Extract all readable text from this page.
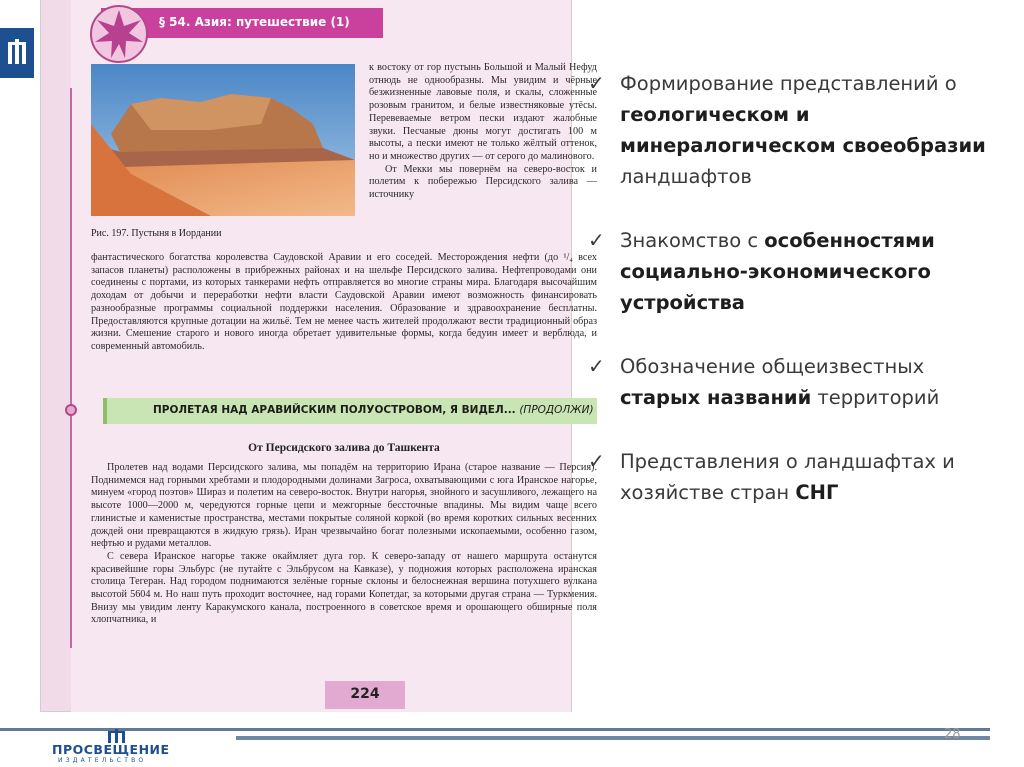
§ 54. Азия: путешествие (1)
Рис. 197. Пустыня в Иордании

к востоку от гор пустынь Большой и Малый Нефуд отнюдь не однообразны. Мы увидим и чёрные безжизненные лавовые поля, и скалы, сложенные розовым гранитом, и белые известняковые утёсы. Перевеваемые ветром пески издают жалобные звуки. Песчаные дюны могут достигать 100 м высоты, а пески имеют не только жёлтый оттенок, но и множество других — от серого до малинового.

От Мекки мы повернём на северо-восток и полетим к побережью Персидского залива — источнику

фантастического богатства королевства Саудовской Аравии и его соседей. Месторождения нефти (до ¹/₄ всех запасов планеты) расположены в прибрежных районах и на шельфе Персидского залива. Нефтепроводами они соединены с портами, из которых танкерами нефть отправляется во многие страны мира. Благодаря высочайшим доходам от добычи и переработки нефти власти Саудовской Аравии имеют возможность финансировать разнообразные программы социальной поддержки населения. Образование и здравоохранение бесплатны. Предоставляются крупные дотации на жильё. Тем не менее часть жителей продолжают вести традиционный образ жизни. Смешение старого и нового иногда обретает удивительные формы, когда бедуин имеет и верблюда, и современный автомобиль.

ПРОЛЕТАЯ НАД АРАВИЙСКИМ ПОЛУОСТРОВОМ, Я ВИДЕЛ... (ПРОДОЛЖИ)
От Персидского залива до Ташкента

Пролетев над водами Персидского залива, мы попадём на территорию Ирана (старое название — Персия). Поднимемся над горными хребтами и плодородными долинами Загроса, охватывающими с юга Иранское нагорье, минуем «город поэтов» Шираз и полетим на северо-восток. Внутри нагорья, знойного и засушливого, лежащего на высоте 1000—2000 м, чередуются горные цепи и межгорные бессточные впадины. Мы видим чаще всего глинистые и каменистые пространства, местами покрытые соляной коркой (во время коротких сильных весенних дождей они превращаются в жидкую грязь). Иран чрезвычайно богат полезными ископаемыми, особенно газом, нефтью и рудами металлов.

С севера Иранское нагорье также окаймляет дуга гор. К северо-западу от нашего маршрута останутся красивейшие горы Эльбурс (не путайте с Эльбрусом на Кавказе), у подножия которых расположена иранская столица Тегеран. Над городом поднимаются зелёные горные склоны и белоснежная вершина потухшего вулкана высотой 5604 м. Но наш путь проходит восточнее, над горами Копетдаг, за которыми другая страна — Туркмения. Внизу мы увидим ленту Каракумского канала, построенного в советское время и орошающего обширные поля хлопчатника, и

224
✓ Формирование представлений о геологическом и минералогическом своеобразии ландшафтов
✓ Знакомство с особенностями социально-экономического устройства
✓ Обозначение общеизвестных старых названий территорий
✓ Представления о ландшафтах и хозяйстве стран СНГ
ПРОСВЕЩЕНИЕ
ИЗДАТЕЛЬСТВО
28
